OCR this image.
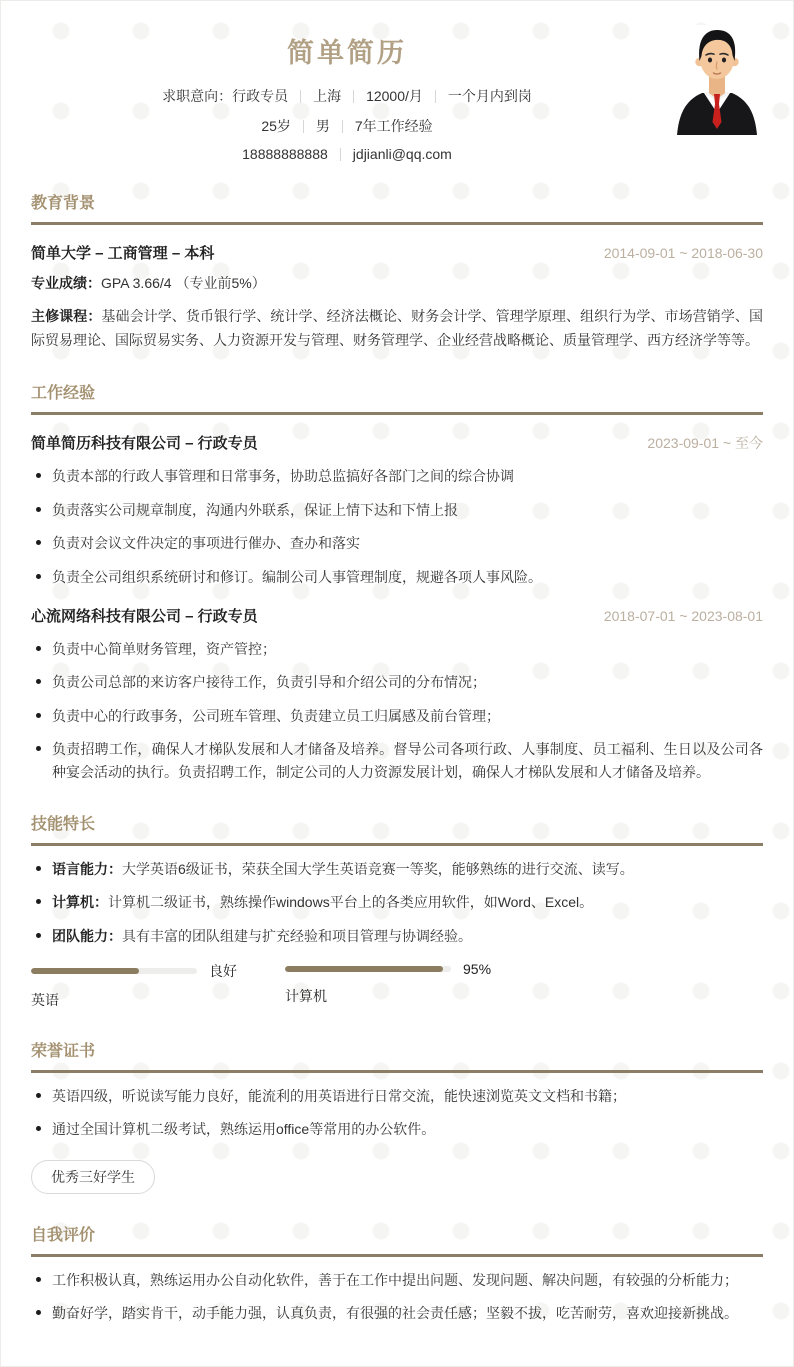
简单简历
求职意向： 行政专员 上海 12000/月 一个月内到岗
25岁 男 7年工作经验
18888888888 jdjianli@qq.com
教育背景
简单大学 – 工商管理 – 本科	2014-09-01 ~ 2018-06-30

专业成绩：GPA 3.66/4 （专业前5%）

主修课程：基础会计学、货币银行学、统计学、经济法概论、财务会计学、管理学原理、组织行为学、市场营销学、国际贸易理论、国际贸易实务、人力资源开发与管理、财务管理学、企业经营战略概论、质量管理学、西方经济学等等。

工作经验
简单简历科技有限公司 – 行政专员	2023-09-01 ~ 至今
负责本部的行政人事管理和日常事务，协助总监搞好各部门之间的综合协调
负责落实公司规章制度，沟通内外联系，保证上情下达和下情上报
负责对会议文件决定的事项进行催办、查办和落实
负责全公司组织系统研讨和修订。编制公司人事管理制度，规避各项人事风险。
心流网络科技有限公司 – 行政专员	2018-07-01 ~ 2023-08-01
负责中心简单财务管理，资产管控；
负责公司总部的来访客户接待工作，负责引导和介绍公司的分布情况；
负责中心的行政事务，公司班车管理、负责建立员工归属感及前台管理；
负责招聘工作，确保人才梯队发展和人才储备及培养。督导公司各项行政、人事制度、员工福利、生日以及公司各种宴会活动的执行。负责招聘工作，制定公司的人力资源发展计划，确保人才梯队发展和人才储备及培养。
技能特长
语言能力：大学英语6级证书，荣获全国大学生英语竞赛一等奖，能够熟练的进行交流、读写。
计算机：计算机二级证书，熟练操作windows平台上的各类应用软件，如Word、Excel。
团队能力：具有丰富的团队组建与扩充经验和项目管理与协调经验。
良好
英语
95%
计算机
荣誉证书
英语四级，听说读写能力良好，能流利的用英语进行日常交流，能快速浏览英文文档和书籍；
通过全国计算机二级考试，熟练运用office等常用的办公软件。
优秀三好学生
自我评价
工作积极认真，熟练运用办公自动化软件，善于在工作中提出问题、发现问题、解决问题，有较强的分析能力；
勤奋好学，踏实肯干，动手能力强，认真负责，有很强的社会责任感；坚毅不拔，吃苦耐劳，喜欢迎接新挑战。
